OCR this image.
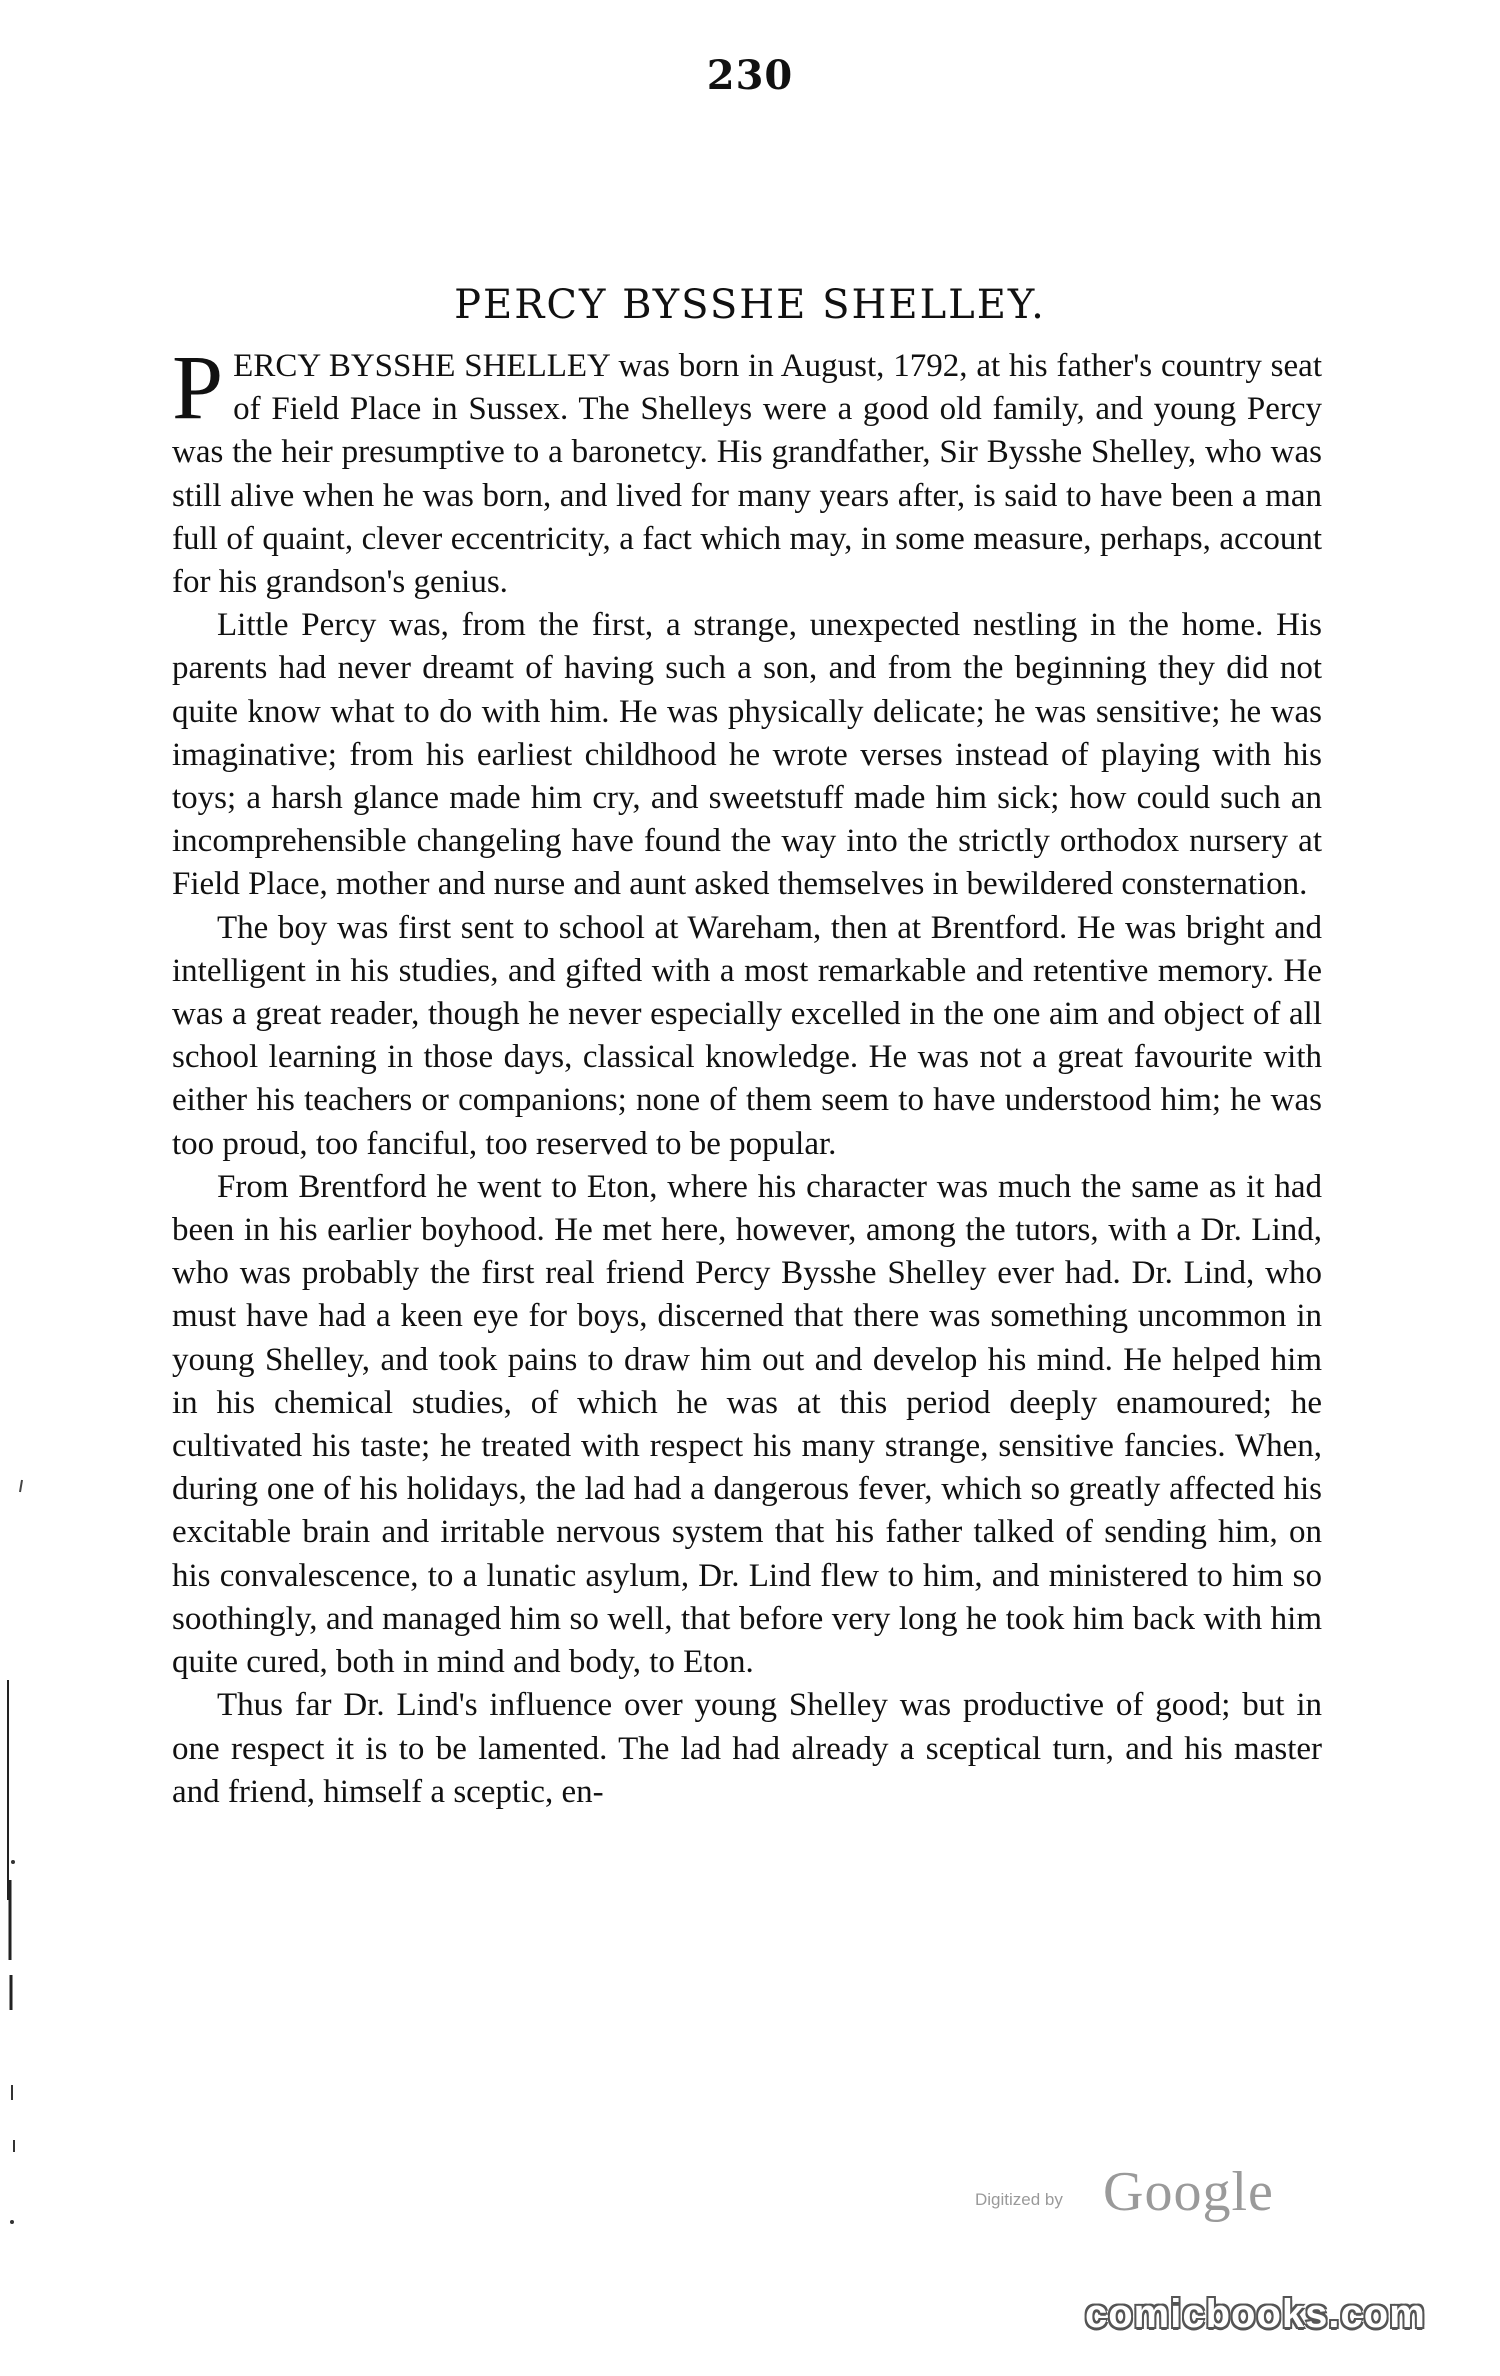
230
PERCY BYSSHE SHELLEY.

PERCY BYSSHE SHELLEY was born in August, 1792, at his father's country seat of Field Place in Sussex. The Shelleys were a good old family, and young Percy was the heir presumptive to a baronetcy. His grandfather, Sir Bysshe Shelley, who was still alive when he was born, and lived for many years after, is said to have been a man full of quaint, clever eccentricity, a fact which may, in some measure, perhaps, account for his grandson's genius.

Little Percy was, from the first, a strange, unexpected nestling in the home. His parents had never dreamt of having such a son, and from the beginning they did not quite know what to do with him. He was physically delicate; he was sensitive; he was imaginative; from his earliest childhood he wrote verses instead of playing with his toys; a harsh glance made him cry, and sweetstuff made him sick; how could such an incomprehensible changeling have found the way into the strictly orthodox nursery at Field Place, mother and nurse and aunt asked themselves in bewildered consternation.

The boy was first sent to school at Wareham, then at Brentford. He was bright and intelligent in his studies, and gifted with a most remarkable and retentive memory. He was a great reader, though he never especially excelled in the one aim and object of all school learning in those days, classical knowledge. He was not a great favourite with either his teachers or companions; none of them seem to have understood him; he was too proud, too fanciful, too reserved to be popular.

From Brentford he went to Eton, where his character was much the same as it had been in his earlier boyhood. He met here, however, among the tutors, with a Dr. Lind, who was probably the first real friend Percy Bysshe Shelley ever had. Dr. Lind, who must have had a keen eye for boys, discerned that there was something uncommon in young Shelley, and took pains to draw him out and develop his mind. He helped him in his chemical studies, of which he was at this period deeply enamoured; he cultivated his taste; he treated with respect his many strange, sensitive fancies. When, during one of his holidays, the lad had a dangerous fever, which so greatly affected his excitable brain and irritable nervous system that his father talked of sending him, on his convalescence, to a lunatic asylum, Dr. Lind flew to him, and ministered to him so soothingly, and managed him so well, that before very long he took him back with him quite cured, both in mind and body, to Eton.

Thus far Dr. Lind's influence over young Shelley was productive of good; but in one respect it is to be lamented. The lad had already a sceptical turn, and his master and friend, himself a sceptic, en-

Digitized by Google
comicbooks.com
